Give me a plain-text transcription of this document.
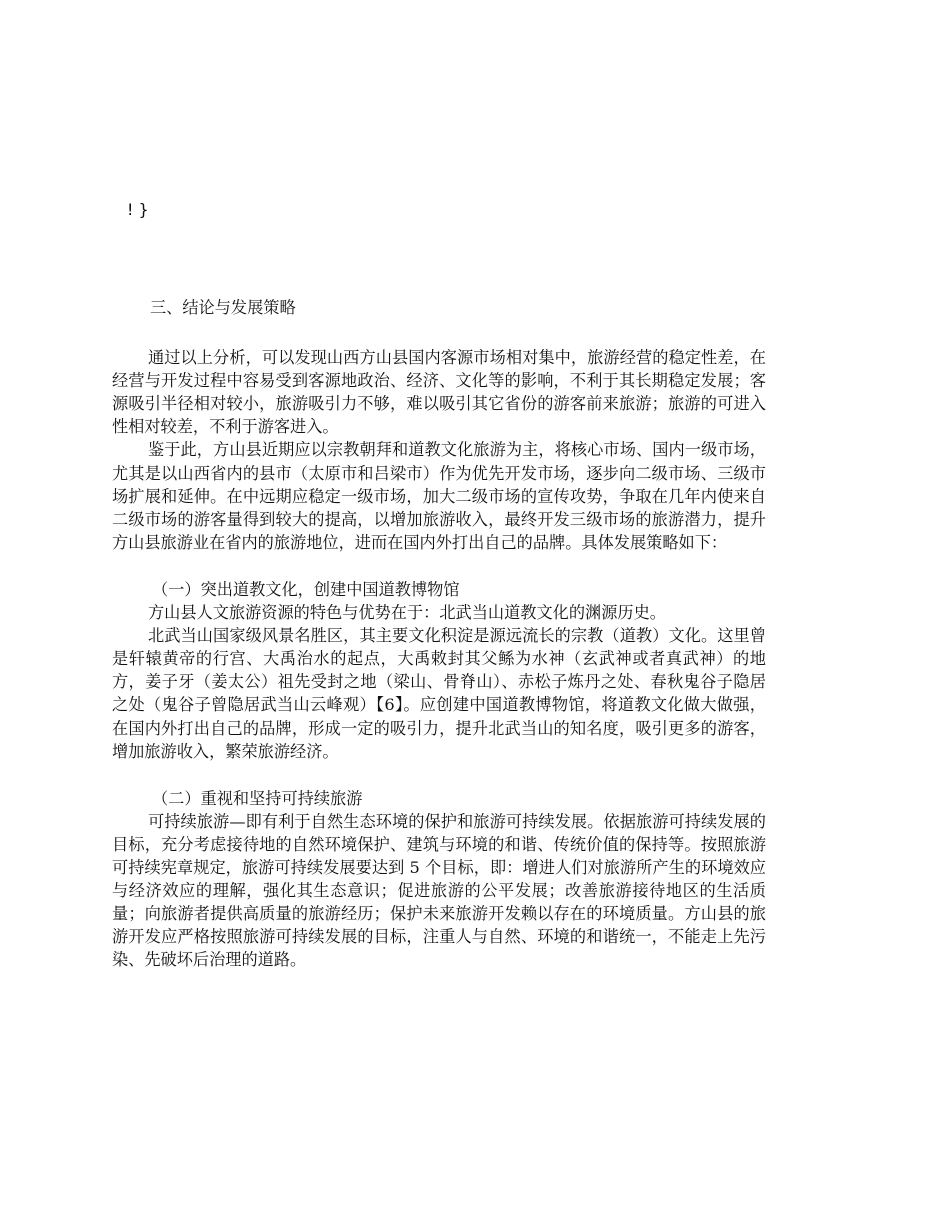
! }

三、结论与发展策略

通过以上分析，可以发现山西方山县国内客源市场相对集中，旅游经营的稳定性差，在经营与开发过程中容易受到客源地政治、经济、文化等的影响，不利于其长期稳定发展；客源吸引半径相对较小，旅游吸引力不够，难以吸引其它省份的游客前来旅游；旅游的可进入性相对较差，不利于游客进入。

鉴于此，方山县近期应以宗教朝拜和道教文化旅游为主，将核心市场、国内一级市场，尤其是以山西省内的县市（太原市和吕梁市）作为优先开发市场，逐步向二级市场、三级市场扩展和延伸。在中远期应稳定一级市场，加大二级市场的宣传攻势，争取在几年内使来自二级市场的游客量得到较大的提高，以增加旅游收入，最终开发三级市场的旅游潜力，提升方山县旅游业在省内的旅游地位，进而在国内外打出自己的品牌。具体发展策略如下：

（一）突出道教文化，创建中国道教博物馆

方山县人文旅游资源的特色与优势在于：北武当山道教文化的渊源历史。

北武当山国家级风景名胜区，其主要文化积淀是源远流长的宗教（道教）文化。这里曾是轩辕黄帝的行宫、大禹治水的起点，大禹敕封其父鲧为水神（玄武神或者真武神）的地方，姜子牙（姜太公）祖先受封之地（梁山、骨脊山）、赤松子炼丹之处、春秋鬼谷子隐居之处（鬼谷子曾隐居武当山云峰观）【6】。应创建中国道教博物馆，将道教文化做大做强，在国内外打出自己的品牌，形成一定的吸引力，提升北武当山的知名度，吸引更多的游客，增加旅游收入，繁荣旅游经济。

（二）重视和坚持可持续旅游

可持续旅游—即有利于自然生态环境的保护和旅游可持续发展。依据旅游可持续发展的目标，充分考虑接待地的自然环境保护、建筑与环境的和谐、传统价值的保持等。按照旅游可持续宪章规定，旅游可持续发展要达到 5 个目标，即：增进人们对旅游所产生的环境效应与经济效应的理解，强化其生态意识；促进旅游的公平发展；改善旅游接待地区的生活质量；向旅游者提供高质量的旅游经历；保护未来旅游开发赖以存在的环境质量。方山县的旅游开发应严格按照旅游可持续发展的目标，注重人与自然、环境的和谐统一，不能走上先污染、先破坏后治理的道路。
